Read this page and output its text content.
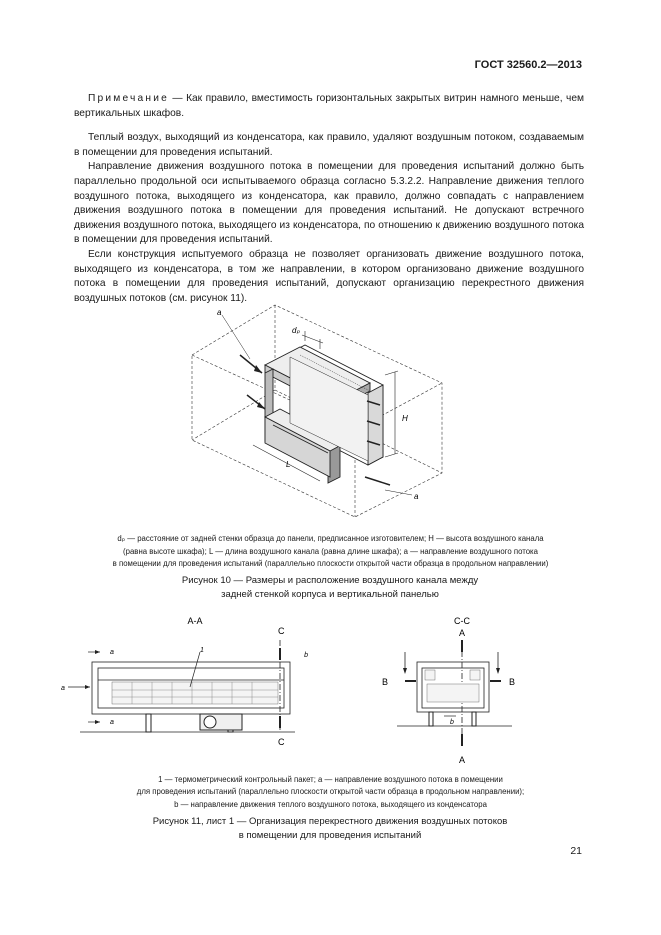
ГОСТ 32560.2—2013

Примечание — Как правило, вместимость горизонтальных закрытых витрин намного меньше, чем вертикальных шкафов.

Теплый воздух, выходящий из конденсатора, как правило, удаляют воздушным потоком, создаваемым в помещении для проведения испытаний.

Направление движения воздушного потока в помещении для проведения испытаний должно быть параллельно продольной оси испытываемого образца согласно 5.3.2.2. Направление движения теплого воздушного потока, выходящего из конденсатора, как правило, должно совпадать с направлением движения воздушного потока в помещении для проведения испытаний. Не допускают встречного движения воздушного потока, выходящего из конденсатора, по отношению к движению воздушного потока в помещении для проведения испытаний.

Если конструкция испытуемого образца не позволяет организовать движение воздушного потока, выходящего из конденсатора, в том же направлении, в котором организовано движение воздушного потока в помещении для проведения испытаний, допускают организацию перекрестного движения воздушных потоков (см. рисунок 11).

a
a
dₚ
H
L
dₚ — расстояние от задней стенки образца до панели, предписанное изготовителем; H — высота воздушного канала
(равна высоте шкафа); L — длина воздушного канала (равна длине шкафа); a — направление воздушного потока
в помещении для проведения испытаний (параллельно плоскости открытой части образца в продольном направлении)
Рисунок 10 — Размеры и расположение воздушного канала между
задней стенкой корпуса и вертикальной панелью
A-A
C
a
a
a
b
1
C
C-C
A
B	B
b
A
1 — термометрический контрольный пакет; a — направление воздушного потока в помещении
для проведения испытаний (параллельно плоскости открытой части образца в продольном направлении);
b — направление движения теплого воздушного потока, выходящего из конденсатора
Рисунок 11, лист 1 — Организация перекрестного движения воздушных потоков
в помещении для проведения испытаний
21
